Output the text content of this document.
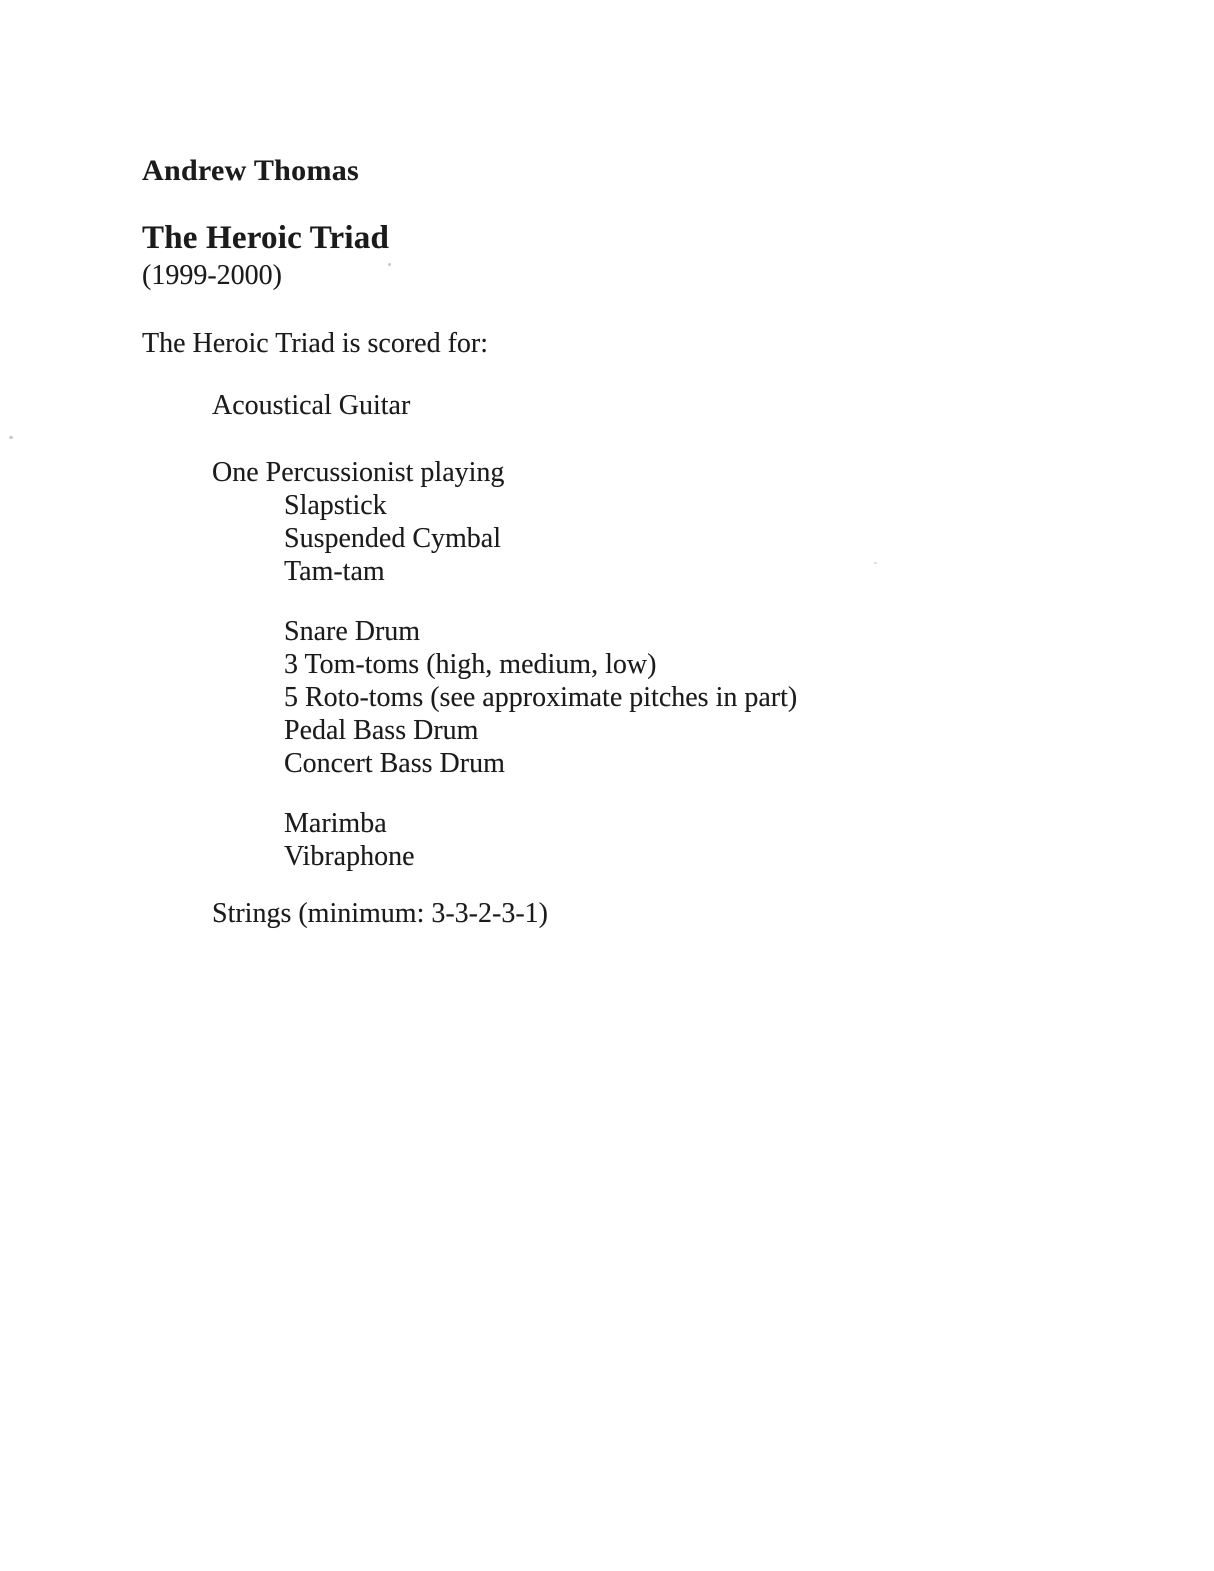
Andrew Thomas
The Heroic Triad
(1999-2000)
The Heroic Triad is scored for:

Acoustical Guitar

One Percussionist playing

Slapstick

Suspended Cymbal

Tam-tam

Snare Drum

3 Tom-toms (high, medium, low)

5 Roto-toms (see approximate pitches in part)

Pedal Bass Drum

Concert Bass Drum

Marimba

Vibraphone

Strings (minimum: 3-3-2-3-1)
